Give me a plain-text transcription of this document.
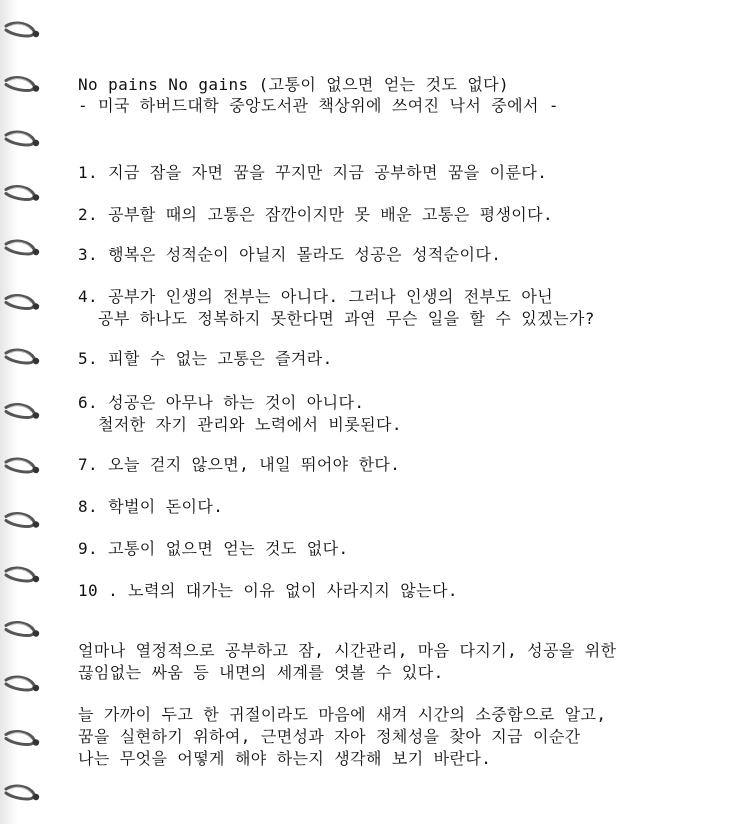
No pains No gains (고통이 없으면 얻는 것도 없다)
- 미국 하버드대학 중앙도서관 책상위에 쓰여진 낙서 중에서 -
1. 지금 잠을 자면 꿈을 꾸지만 지금 공부하면 꿈을 이룬다.
2. 공부할 때의 고통은 잠깐이지만 못 배운 고통은 평생이다.
3. 행복은 성적순이 아닐지 몰라도 성공은 성적순이다.
4. 공부가 인생의 전부는 아니다. 그러나 인생의 전부도 아닌
공부 하나도 정복하지 못한다면 과연 무슨 일을 할 수 있겠는가?
5. 피할 수 없는 고통은 즐겨라.
6. 성공은 아무나 하는 것이 아니다.
철저한 자기 관리와 노력에서 비롯된다.
7. 오늘 걷지 않으면, 내일 뛰어야 한다.
8. 학벌이 돈이다.
9. 고통이 없으면 얻는 것도 없다.
10 . 노력의 대가는 이유 없이 사라지지 않는다.
얼마나 열정적으로 공부하고 잠, 시간관리, 마음 다지기, 성공을 위한
끊임없는 싸움 등 내면의 세계를 엿볼 수 있다.
늘 가까이 두고 한 귀절이라도 마음에 새겨 시간의 소중함으로 알고,
꿈을 실현하기 위하여, 근면성과 자아 정체성을 찾아 지금 이순간
나는 무엇을 어떻게 해야 하는지 생각해 보기 바란다.
